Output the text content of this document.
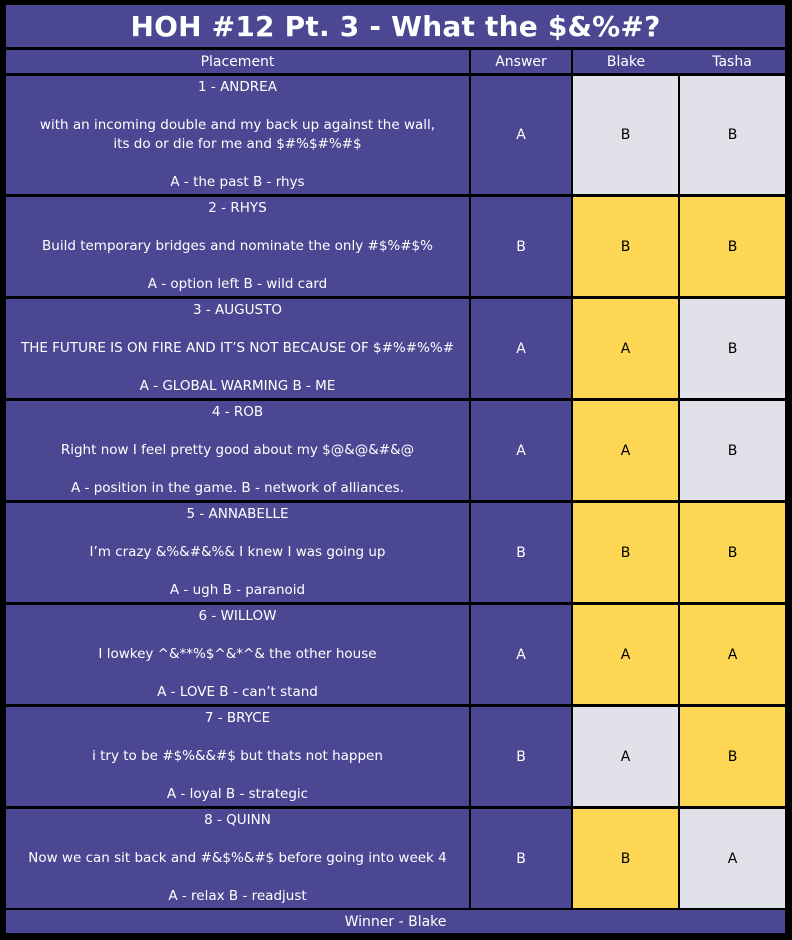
HOH #12 Pt. 3 - What the $&%#?
Placement	Answer	Blake	Tasha
1 - ANDREA
with an incoming double and my back up against the wall,
its do or die for me and $#%$#%#$
A - the past B - rhys
A	B	B
2 - RHYS
Build temporary bridges and nominate the only #$%#$%
A - option left B - wild card
B	B	B
3 - AUGUSTO
THE FUTURE IS ON FIRE AND IT’S NOT BECAUSE OF $#%#%%#
A - GLOBAL WARMING B - ME
A	A	B
4 - ROB
Right now I feel pretty good about my $@&@&#&@
A - position in the game. B - network of alliances.
A	A	B
5 - ANNABELLE
I’m crazy &%&#&%& I knew I was going up
A - ugh B - paranoid
B	B	B
6 - WILLOW
I lowkey ^&**%$^&*^& the other house
A - LOVE B - can’t stand
A	A	A
7 - BRYCE
i try to be #$%&&#$ but thats not happen
A - loyal B - strategic
B	A	B
8 - QUINN
Now we can sit back and #&$%&#$ before going into week 4
A - relax B - readjust
B	B	A
Winner - Blake
